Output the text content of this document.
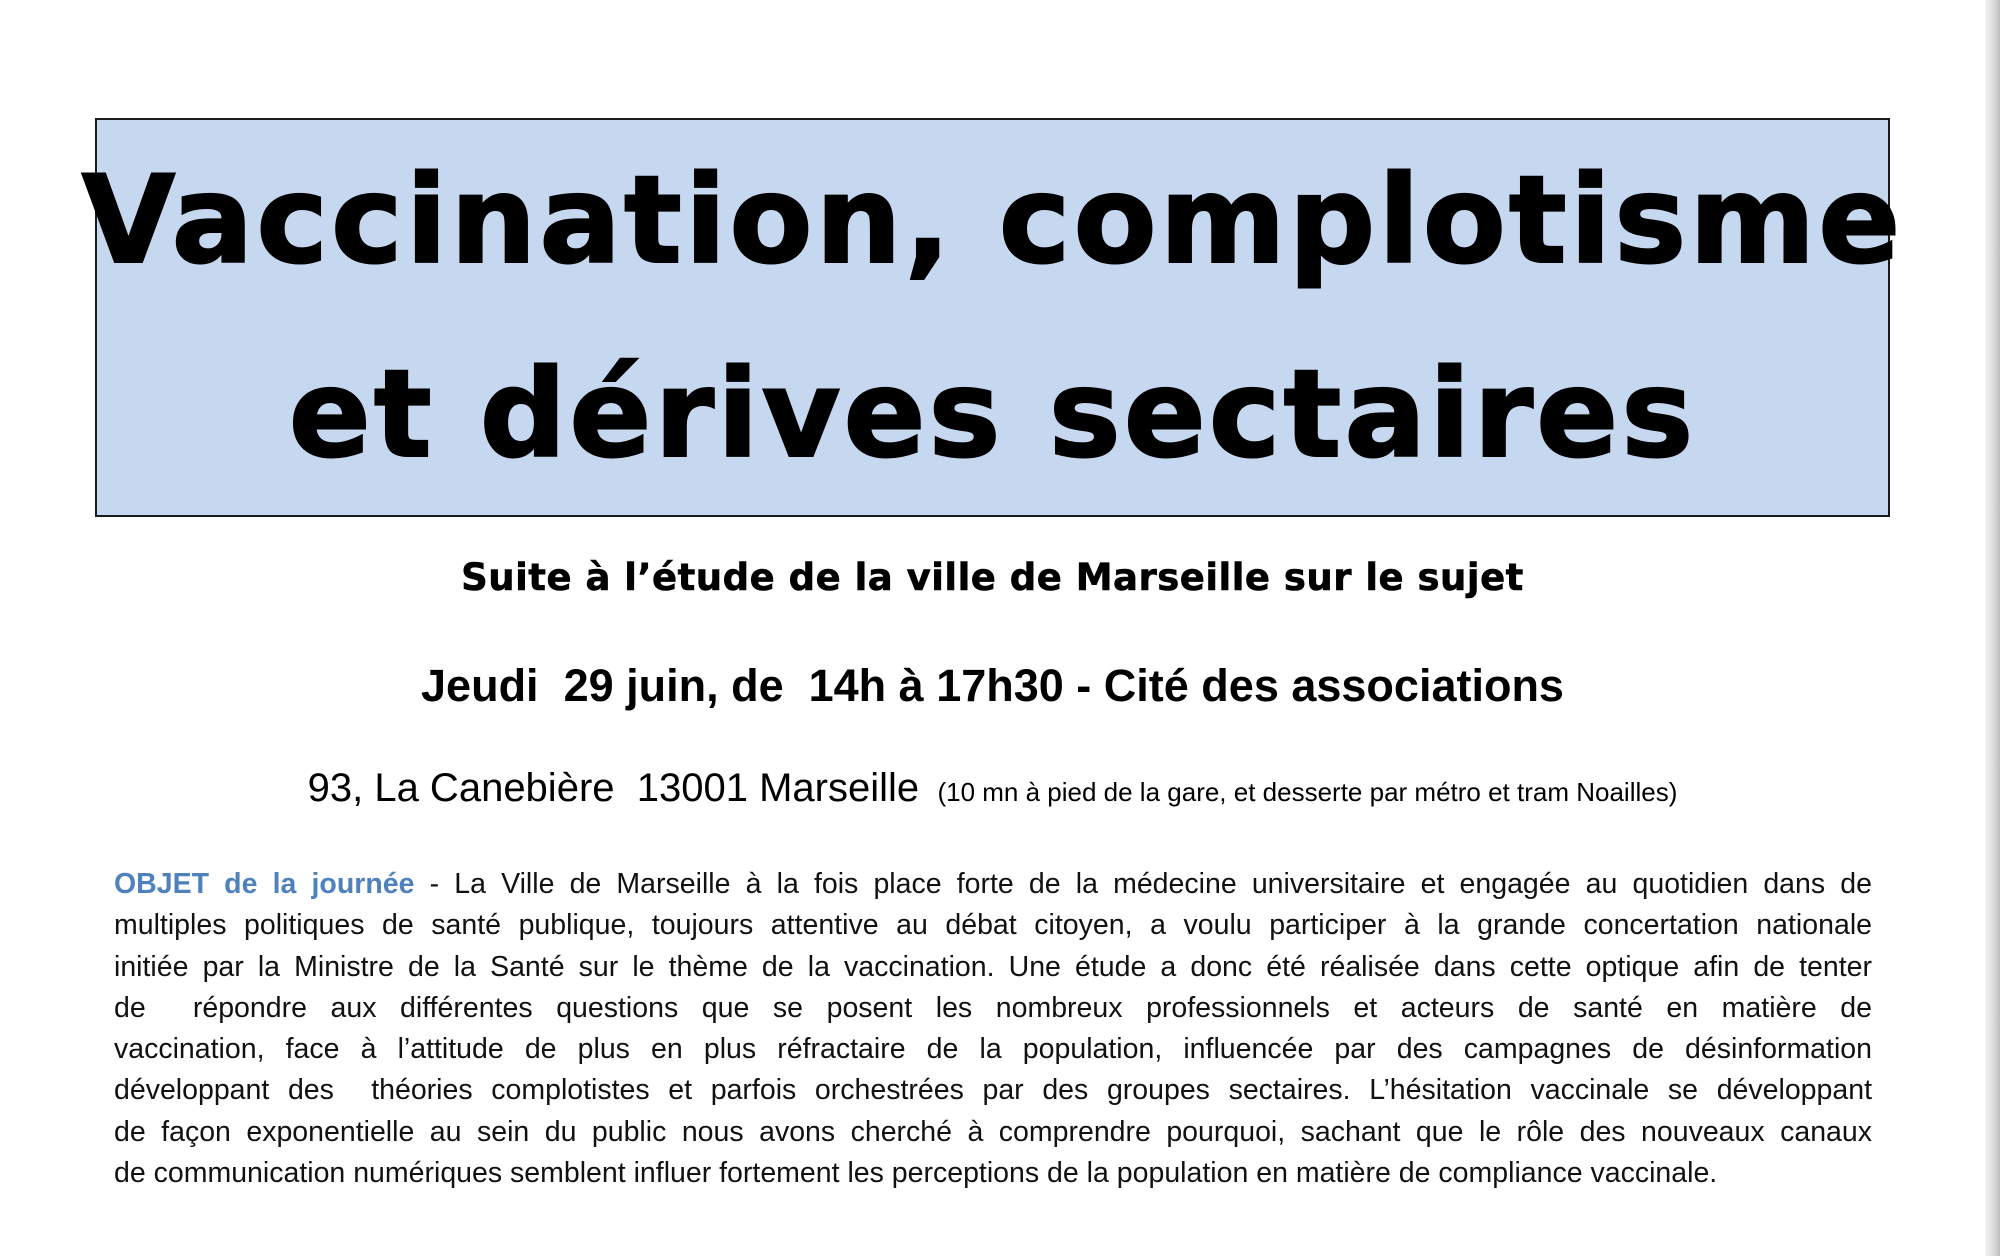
Vaccination, complotisme
et dérives sectaires
Suite à l’étude de la ville de Marseille sur le sujet
Jeudi  29 juin, de  14h à 17h30 - Cité des associations
93, La Canebière  13001 Marseille  (10 mn à pied de la gare, et desserte par métro et tram Noailles)
OBJET de la journée - La Ville de Marseille à la fois place forte de la médecine universitaire et engagée au quotidien dans de
multiples politiques de santé publique, toujours attentive au débat citoyen, a voulu participer à la grande concertation nationale
initiée par la Ministre de la Santé sur le thème de la vaccination. Une étude a donc été réalisée dans cette optique afin de tenter
de  répondre aux différentes questions que se posent les nombreux professionnels et acteurs de santé en matière de
vaccination, face à l’attitude de plus en plus réfractaire de la population, influencée par des campagnes de désinformation
développant des  théories complotistes et parfois orchestrées par des groupes sectaires. L’hésitation vaccinale se développant
de façon exponentielle au sein du public nous avons cherché à comprendre pourquoi, sachant que le rôle des nouveaux canaux
de communication numériques semblent influer fortement les perceptions de la population en matière de compliance vaccinale.
